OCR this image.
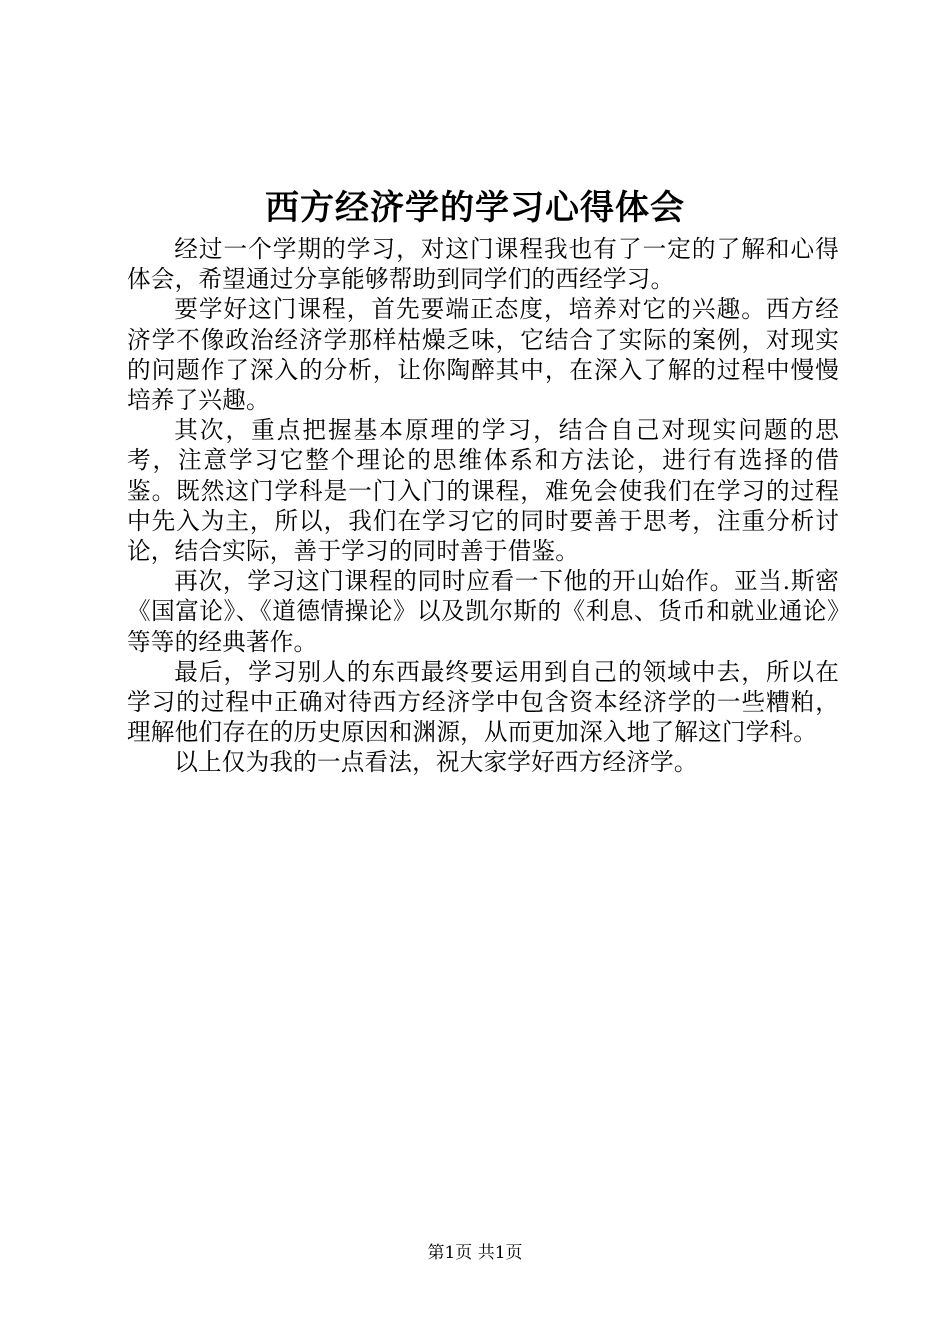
西方经济学的学习心得体会

经过一个学期的学习，对这门课程我也有了一定的了解和心得体会，希望通过分享能够帮助到同学们的西经学习。

要学好这门课程，首先要端正态度，培养对它的兴趣。西方经济学不像政治经济学那样枯燥乏味，它结合了实际的案例，对现实的问题作了深入的分析，让你陶醉其中，在深入了解的过程中慢慢培养了兴趣。

其次，重点把握基本原理的学习，结合自己对现实问题的思考，注意学习它整个理论的思维体系和方法论，进行有选择的借鉴。既然这门学科是一门入门的课程，难免会使我们在学习的过程中先入为主，所以，我们在学习它的同时要善于思考，注重分析讨论，结合实际，善于学习的同时善于借鉴。

再次，学习这门课程的同时应看一下他的开山始作。亚当.斯密《国富论》、《道德情操论》以及凯尔斯的《利息、货币和就业通论》等等的经典著作。

最后，学习别人的东西最终要运用到自己的领域中去，所以在学习的过程中正确对待西方经济学中包含资本经济学的一些糟粕，理解他们存在的历史原因和渊源，从而更加深入地了解这门学科。

以上仅为我的一点看法，祝大家学好西方经济学。

第1页 共1页
